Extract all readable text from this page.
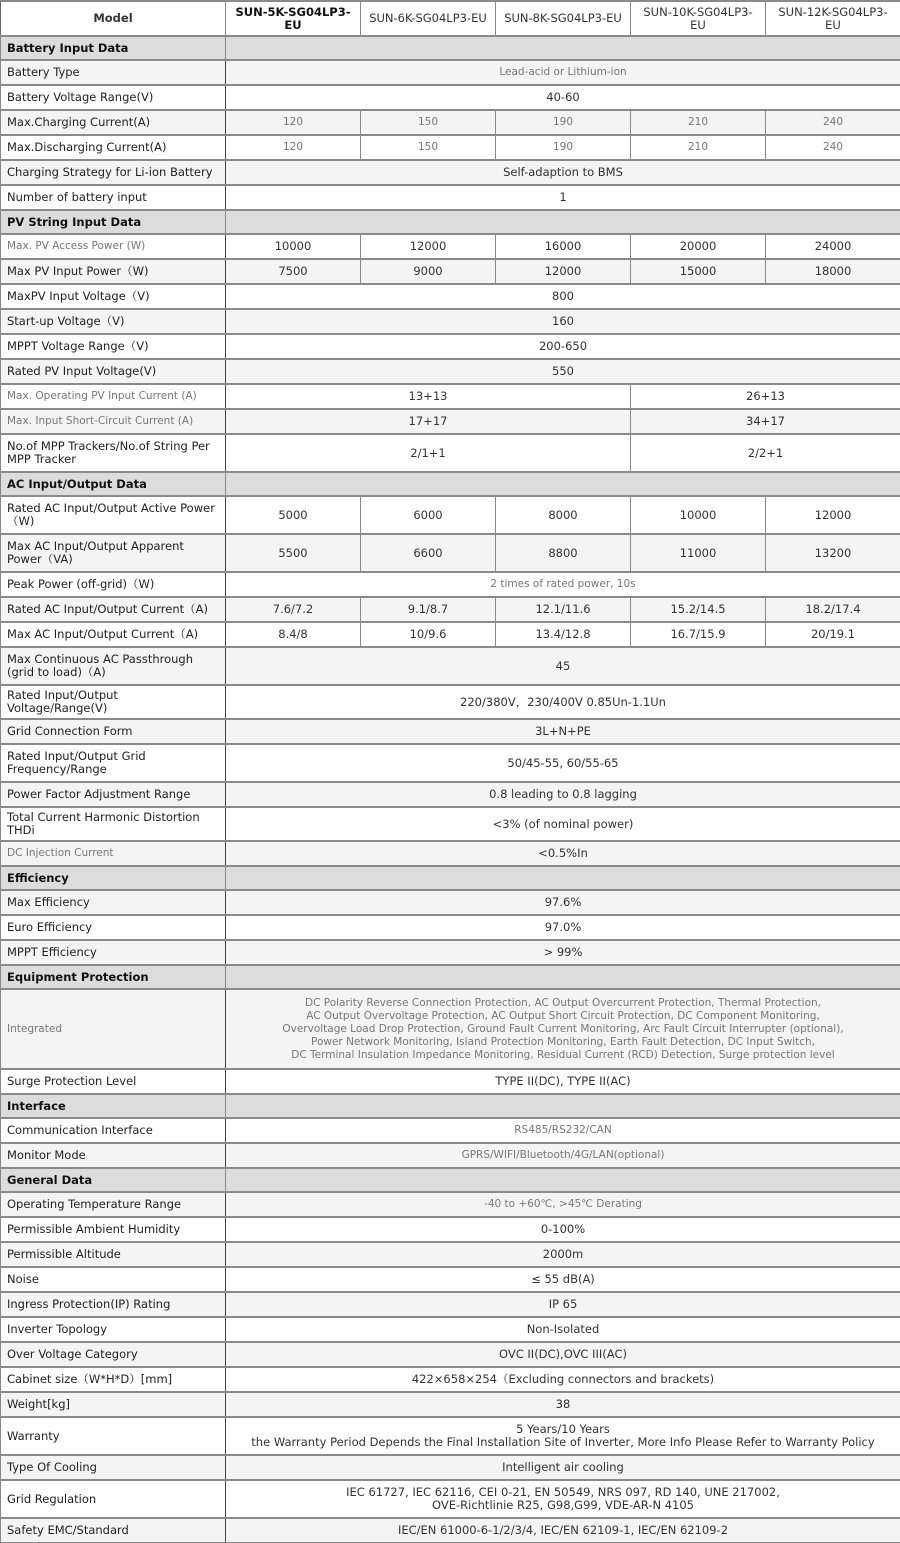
Model	SUN-5K-SG04LP3-EU	SUN-6K-SG04LP3-EU	SUN-8K-SG04LP3-EU	SUN-10K-SG04LP3-
EU	SUN-12K-SG04LP3-
EU
Battery Input Data					
Battery Type	Lead-acid or Lithium-ion				
Battery Voltage Range(V)	40-60				
Max.Charging Current(A)	120	150	190	210	240
Max.Discharging Current(A)	120	150	190	210	240
Charging Strategy for Li-ion Battery	Self-adaption to BMS				
Number of battery input	1				
PV String Input Data					
Max. PV Access Power (W)	10000	12000	16000	20000	24000
Max PV Input Power（W)	7500	9000	12000	15000	18000
MaxPV Input Voltage（V)	800				
Start-up Voltage（V)	160				
MPPT Voltage Range（V)	200-650				
Rated PV Input Voltage(V)	550				
Max. Operating PV Input Current (A)	13+13			26+13	
Max. Input Short-Circuit Current (A)	17+17			34+17	
No.of MPP Trackers/No.of String Per MPP Tracker	2/1+1			2/2+1	
AC Input/Output Data					
Rated AC Input/Output Active Power（W)	5000	6000	8000	10000	12000
Max AC Input/Output Apparent Power（VA)	5500	6600	8800	11000	13200
Peak Power (off-grid)（W)	2 times of rated power, 10s				
Rated AC Input/Output Current（A)	7.6/7.2	9.1/8.7	12.1/11.6	15.2/14.5	18.2/17.4
Max AC Input/Output Current（A)	8.4/8	10/9.6	13.4/12.8	16.7/15.9	20/19.1
Max Continuous AC Passthrough (grid to load)（A)	45				
Rated Input/Output Voltage/Range(V)	220/380V，230/400V 0.85Un-1.1Un				
Grid Connection Form	3L+N+PE				
Rated Input/Output Grid Frequency/Range	50/45-55, 60/55-65				
Power Factor Adjustment Range	0.8 leading to 0.8 lagging				
Total Current Harmonic Distortion THDi	<3% (of nominal power)				
DC Injection Current	<0.5%In				
Efficiency					
Max Efficiency	97.6%				
Euro Efficiency	97.0%				
MPPT Efficiency	> 99%				
Equipment Protection					
Integrated	DC Polarity Reverse Connection Protection, AC Output Overcurrent Protection, Thermal Protection,
AC Output Overvoltage Protection, AC Output Short Circuit Protection, DC Component Monitoring,
Overvoltage Load Drop Protection, Ground Fault Current Monitoring, Arc Fault Circuit Interrupter (optional),
Power Network Monitoring, Island Protection Monitoring, Earth Fault Detection, DC Input Switch,
DC Terminal Insulation Impedance Monitoring, Residual Current (RCD) Detection, Surge protection level				
Surge Protection Level	TYPE II(DC), TYPE II(AC)				
Interface					
Communication Interface	RS485/RS232/CAN				
Monitor Mode	GPRS/WIFI/Bluetooth/4G/LAN(optional)				
General Data					
Operating Temperature Range	-40 to +60℃, >45℃ Derating				
Permissible Ambient Humidity	0-100%				
Permissible Altitude	2000m				
Noise	≤ 55 dB(A)				
Ingress Protection(IP) Rating	IP 65				
Inverter Topology	Non-Isolated				
Over Voltage Category	OVC II(DC),OVC III(AC)				
Cabinet size（W*H*D）[mm]	422×658×254（Excluding connectors and brackets)				
Weight[kg]	38				
Warranty	5 Years/10 Years
the Warranty Period Depends the Final Installation Site of Inverter, More Info Please Refer to Warranty Policy				
Type Of Cooling	Intelligent air cooling				
Grid Regulation	IEC 61727, IEC 62116, CEI 0-21, EN 50549, NRS 097, RD 140, UNE 217002,
OVE-Richtlinie R25, G98,G99, VDE-AR-N 4105				
Safety EMC/Standard	IEC/EN 61000-6-1/2/3/4, IEC/EN 62109-1, IEC/EN 62109-2				
